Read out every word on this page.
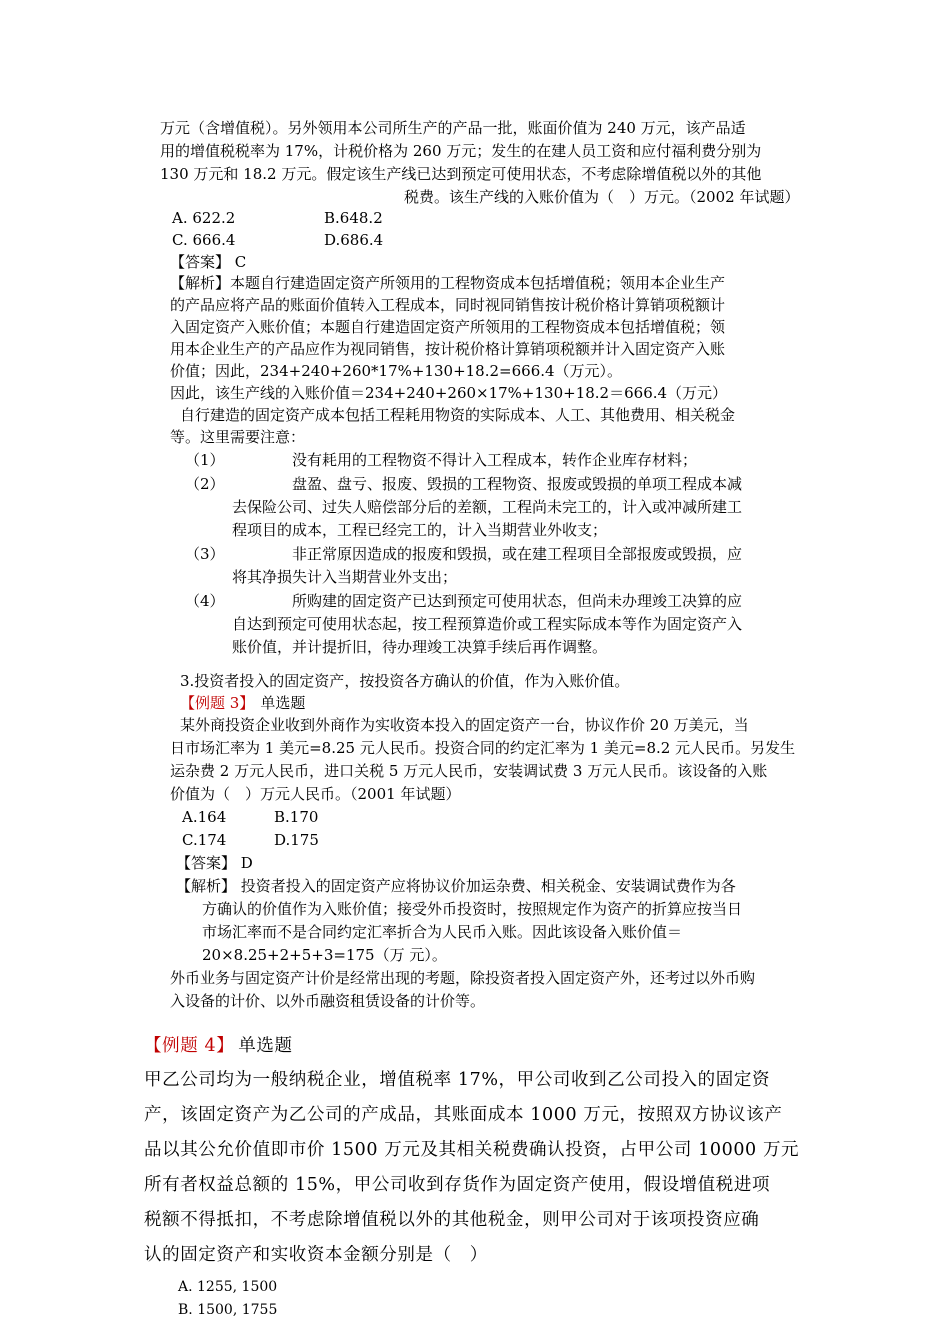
万元（含增值税）。另外领用本公司所生产的产品一批，账面价值为 240 万元，该产品适
用的增值税税率为 17%，计税价格为 260 万元；发生的在建人员工资和应付福利费分别为
130 万元和 18.2 万元。假定该生产线已达到预定可使用状态，不考虑除增值税以外的其他
税费。该生产线的入账价值为（　）万元。（2002 年试题）
A. 622.2	B.648.2
C. 666.4	D.686.4
【答案】 C
【解析】本题自行建造固定资产所领用的工程物资成本包括增值税；领用本企业生产
的产品应将产品的账面价值转入工程成本，同时视同销售按计税价格计算销项税额计
入固定资产入账价值；本题自行建造固定资产所领用的工程物资成本包括增值税；领
用本企业生产的产品应作为视同销售，按计税价格计算销项税额并计入固定资产入账
价值；因此，234+240+260*17%+130+18.2=666.4（万元）。
因此，该生产线的入账价值＝234+240+260×17%+130+18.2＝666.4（万元）
自行建造的固定资产成本包括工程耗用物资的实际成本、人工、其他费用、相关税金
等。这里需要注意：
（1）	没有耗用的工程物资不得计入工程成本，转作企业库存材料；
（2）	盘盈、盘亏、报废、毁损的工程物资、报废或毁损的单项工程成本减
去保险公司、过失人赔偿部分后的差额，工程尚未完工的，计入或冲减所建工
程项目的成本，工程已经完工的，计入当期营业外收支；
（3）	非正常原因造成的报废和毁损，或在建工程项目全部报废或毁损，应
将其净损失计入当期营业外支出；
（4）	所购建的固定资产已达到预定可使用状态，但尚未办理竣工决算的应
自达到预定可使用状态起，按工程预算造价或工程实际成本等作为固定资产入
账价值，并计提折旧，待办理竣工决算手续后再作调整。
3.投资者投入的固定资产，按投资各方确认的价值，作为入账价值。
【例题 3】 单选题
某外商投资企业收到外商作为实收资本投入的固定资产一台，协议作价 20 万美元，当
日市场汇率为 1 美元=8.25 元人民币。投资合同的约定汇率为 1 美元=8.2 元人民币。另发生
运杂费 2 万元人民币，进口关税 5 万元人民币，安装调试费 3 万元人民币。该设备的入账
价值为（　）万元人民币。（2001 年试题）
A.164	B.170
C.174	D.175
【答案】 D
【解析】 投资者投入的固定资产应将协议价加运杂费、相关税金、安装调试费作为各
方确认的价值作为入账价值；接受外币投资时，按照规定作为资产的折算应按当日
市场汇率而不是合同约定汇率折合为人民币入账。因此该设备入账价值＝
20×8.25+2+5+3=175（万 元）。
外币业务与固定资产计价是经常出现的考题，除投资者投入固定资产外，还考过以外币购
入设备的计价、以外币融资租赁设备的计价等。
【例题 4】 单选题
甲乙公司均为一般纳税企业，增值税率 17%，甲公司收到乙公司投入的固定资
产，该固定资产为乙公司的产成品，其账面成本 1000 万元，按照双方协议该产
品以其公允价值即市价 1500 万元及其相关税费确认投资，占甲公司 10000 万元
所有者权益总额的 15%，甲公司收到存货作为固定资产使用，假设增值税进项
税额不得抵扣，不考虑除增值税以外的其他税金，则甲公司对于该项投资应确
认的固定资产和实收资本金额分别是（　）
A. 1255, 1500
B. 1500, 1755
